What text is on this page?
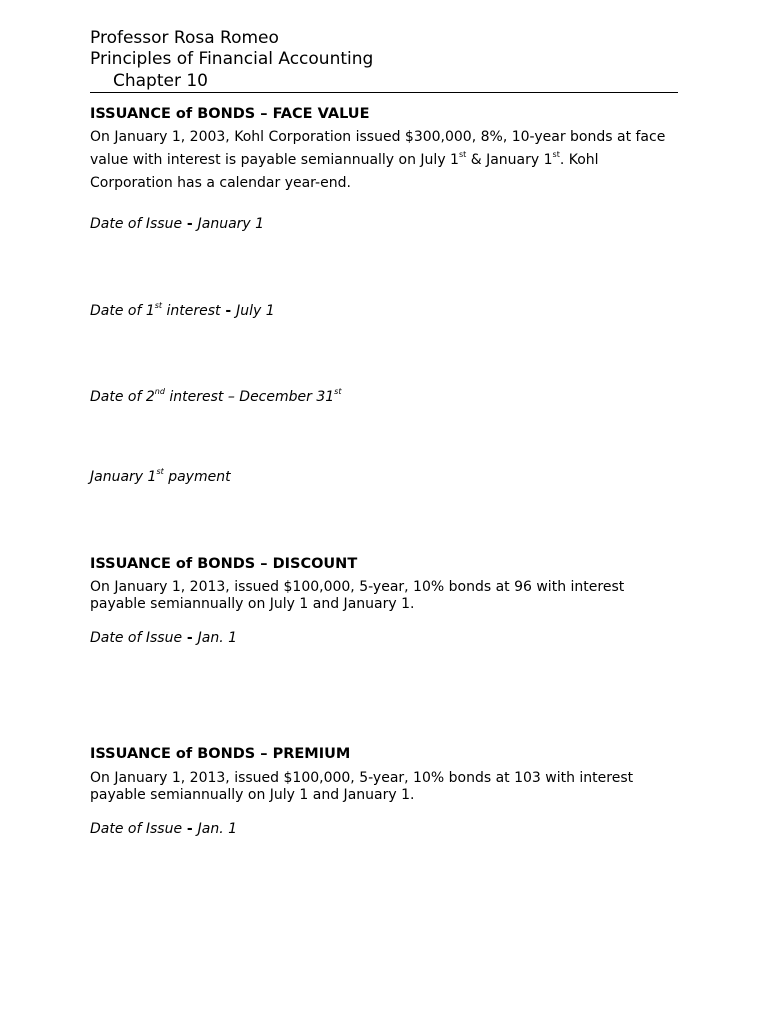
Professor Rosa Romeo
Principles of Financial Accounting
Chapter 10
ISSUANCE of BONDS – FACE VALUE
On January 1, 2003, Kohl Corporation issued $300,000, 8%, 10-year bonds at face value with interest is payable semiannually on July 1st & January 1st. Kohl Corporation has a calendar year-end.
Date of Issue - January 1
Date of 1st interest - July 1
Date of 2nd interest – December 31st
January 1st payment
ISSUANCE of BONDS – DISCOUNT
On January 1, 2013, issued $100,000, 5-year, 10% bonds at 96 with interest payable semiannually on July 1 and January 1.
Date of Issue - Jan. 1
ISSUANCE of BONDS – PREMIUM
On January 1, 2013, issued $100,000, 5-year, 10% bonds at 103 with interest payable semiannually on July 1 and January 1.
Date of Issue - Jan. 1
